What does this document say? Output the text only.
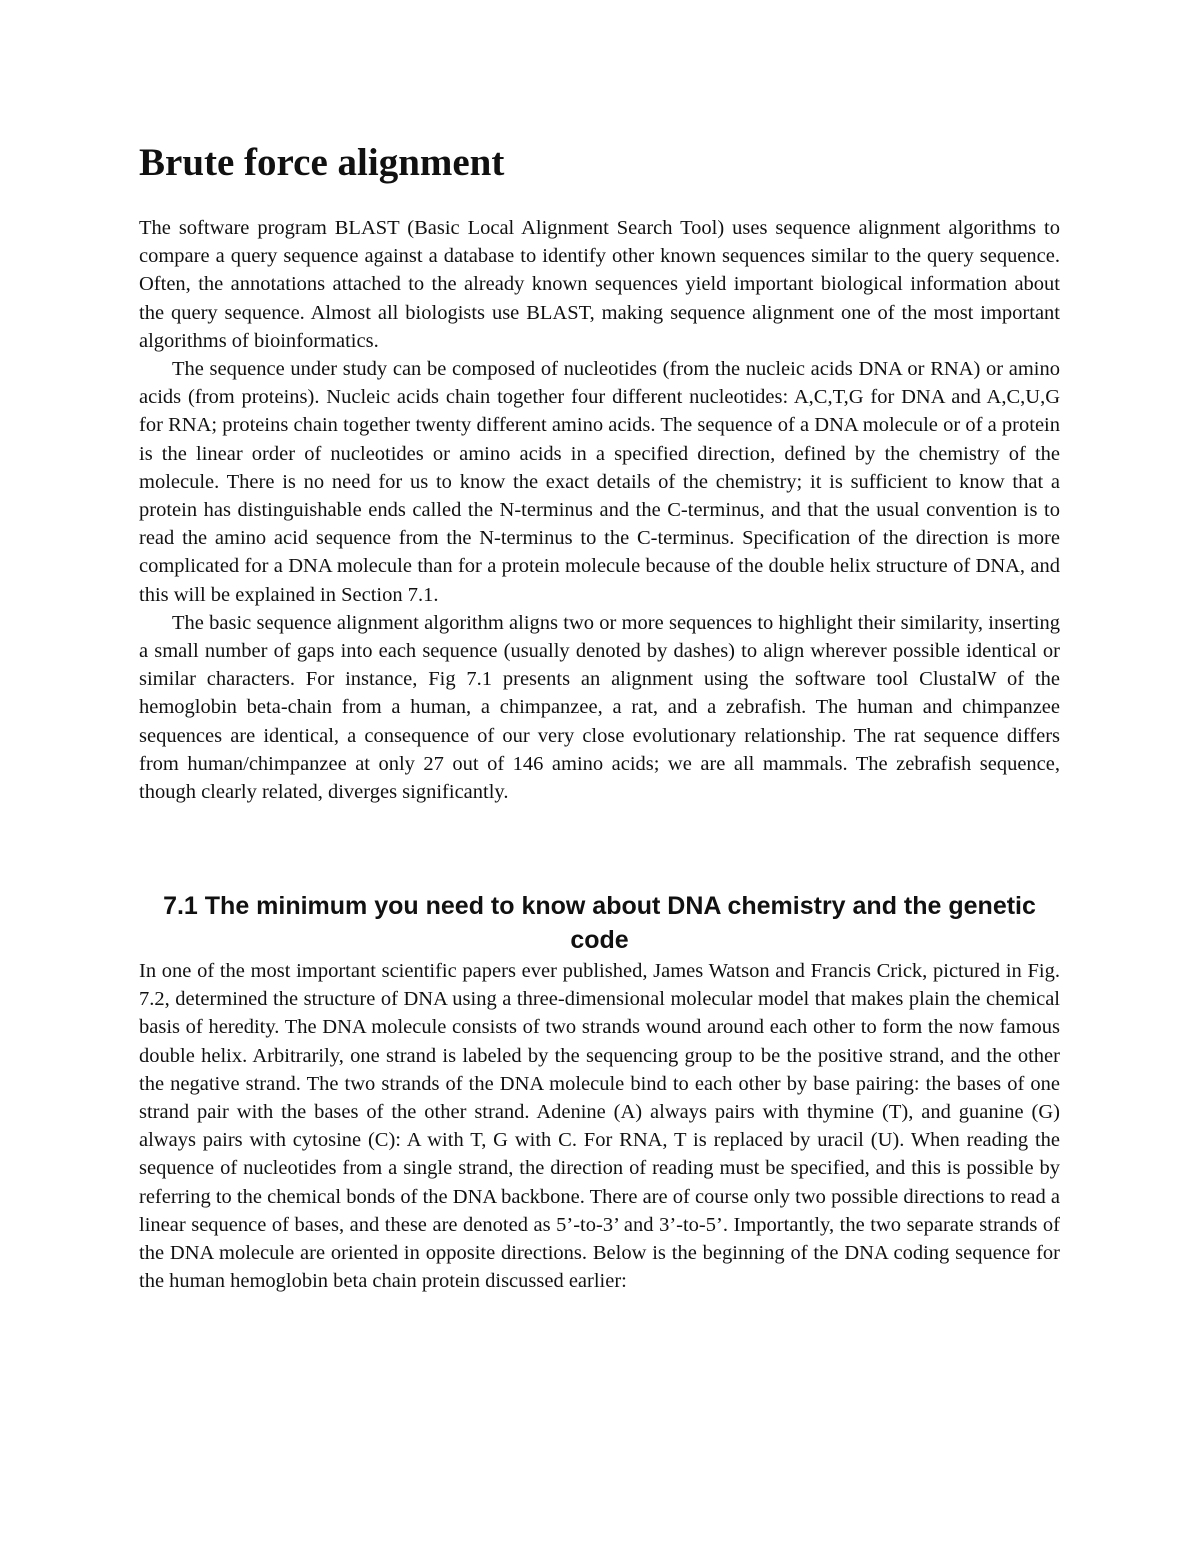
Brute force alignment

The software program BLAST (Basic Local Alignment Search Tool) uses sequence alignment algorithms to compare a query sequence against a database to identify other known sequences similar to the query sequence. Often, the annotations attached to the already known sequences yield important biological information about the query sequence. Almost all biologists use BLAST, making sequence alignment one of the most important algorithms of bioinformatics.

The sequence under study can be composed of nucleotides (from the nucleic acids DNA or RNA) or amino acids (from proteins). Nucleic acids chain together four different nucleotides: A,C,T,G for DNA and A,C,U,G for RNA; proteins chain together twenty different amino acids. The sequence of a DNA molecule or of a protein is the linear order of nucleotides or amino acids in a specified direction, defined by the chemistry of the molecule. There is no need for us to know the exact details of the chemistry; it is sufficient to know that a protein has distinguishable ends called the N-terminus and the C-terminus, and that the usual convention is to read the amino acid sequence from the N-terminus to the C-terminus. Specification of the direction is more complicated for a DNA molecule than for a protein molecule because of the double helix structure of DNA, and this will be explained in Section 7.1.

The basic sequence alignment algorithm aligns two or more sequences to highlight their similarity, inserting a small number of gaps into each sequence (usually denoted by dashes) to align wherever possible identical or similar characters. For instance, Fig 7.1 presents an alignment using the software tool ClustalW of the hemoglobin beta-chain from a human, a chimpanzee, a rat, and a zebrafish. The human and chimpanzee sequences are identical, a consequence of our very close evolutionary relationship. The rat sequence differs from human/chimpanzee at only 27 out of 146 amino acids; we are all mammals. The zebrafish sequence, though clearly related, diverges significantly.

7.1 The minimum you need to know about DNA chemistry and the genetic code

In one of the most important scientific papers ever published, James Watson and Francis Crick, pictured in Fig. 7.2, determined the structure of DNA using a three-dimensional molecular model that makes plain the chemical basis of heredity. The DNA molecule consists of two strands wound around each other to form the now famous double helix. Arbitrarily, one strand is labeled by the sequencing group to be the positive strand, and the other the negative strand. The two strands of the DNA molecule bind to each other by base pairing: the bases of one strand pair with the bases of the other strand. Adenine (A) always pairs with thymine (T), and guanine (G) always pairs with cytosine (C): A with T, G with C. For RNA, T is replaced by uracil (U). When reading the sequence of nucleotides from a single strand, the direction of reading must be specified, and this is possible by referring to the chemical bonds of the DNA backbone. There are of course only two possible directions to read a linear sequence of bases, and these are denoted as 5’-to-3’ and 3’-to-5’. Importantly, the two separate strands of the DNA molecule are oriented in opposite directions. Below is the beginning of the DNA coding sequence for the human hemoglobin beta chain protein discussed earlier:
